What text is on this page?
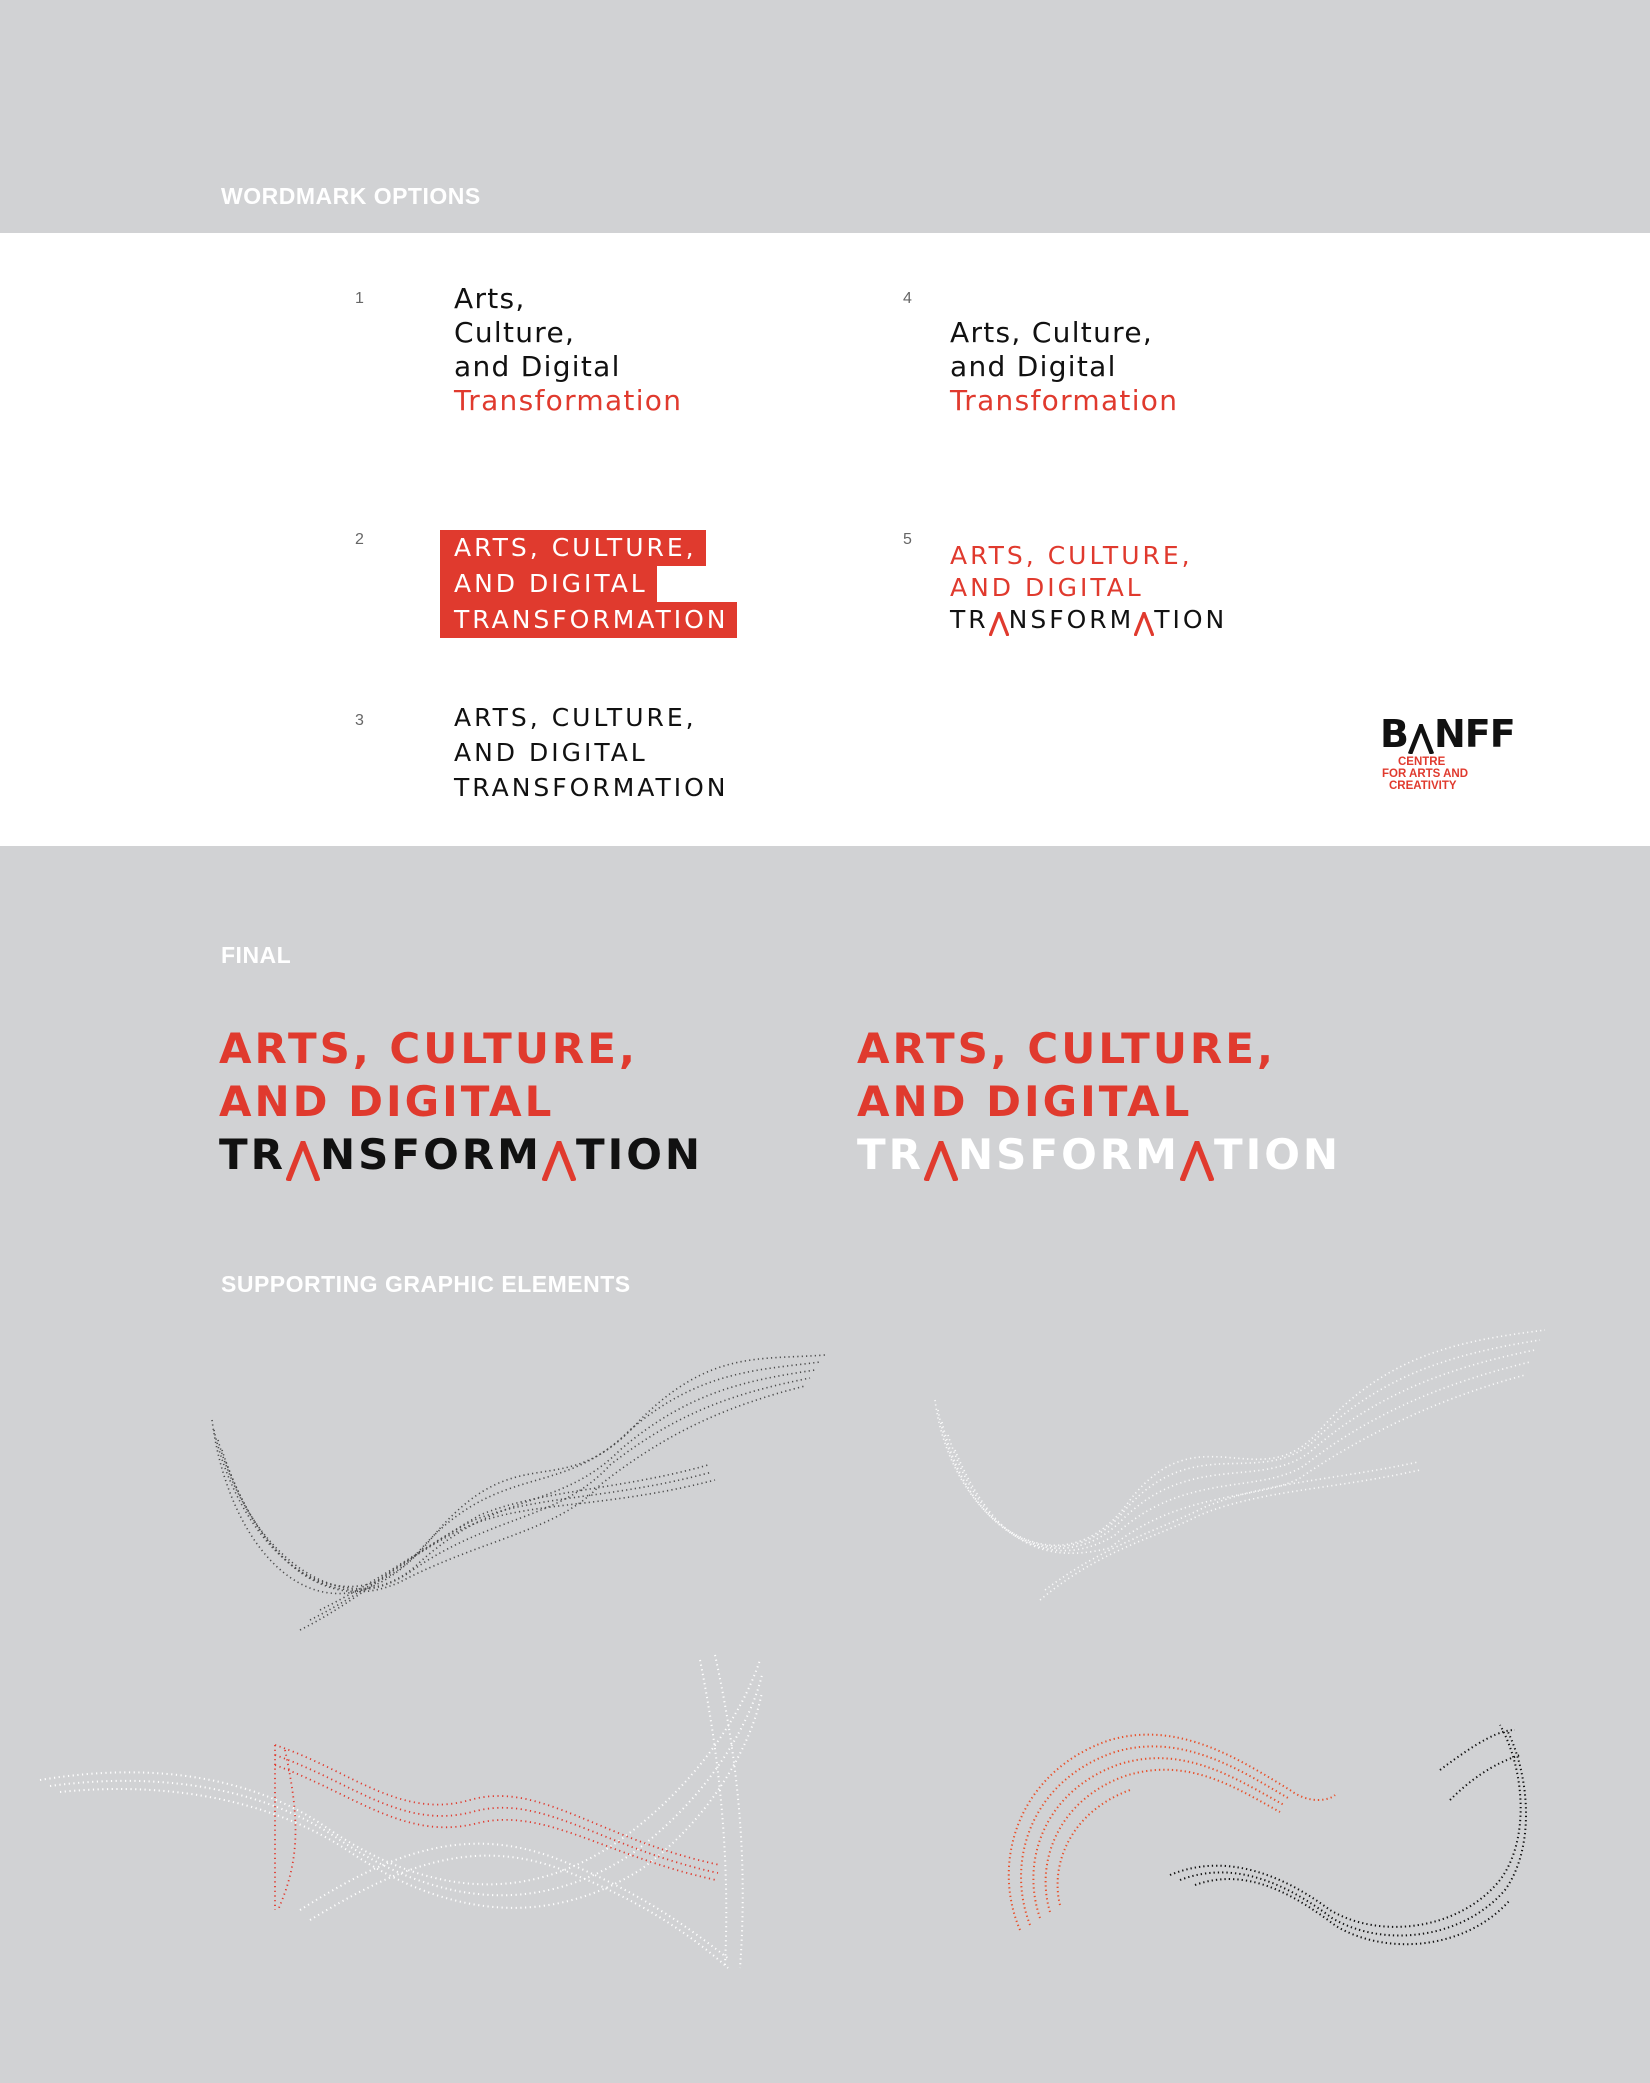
WORDMARK OPTIONS
1	Arts,
Culture,
and Digital
Transformation
4
Arts, Culture,
and Digital
Transformation
2	ARTS, CULTURE,
AND DIGITAL
TRANSFORMATION
5
ARTS, CULTURE,
AND DIGITAL
TR NSFORM TION
3	ARTS, CULTURE,
AND DIGITAL
TRANSFORMATION
B NFF
CENTRE
FOR ARTS AND
CREATIVITY
FINAL
ARTS, CULTURE,
AND DIGITAL
TR NSFORM TION
ARTS, CULTURE,
AND DIGITAL
TR NSFORM TION
SUPPORTING GRAPHIC ELEMENTS
